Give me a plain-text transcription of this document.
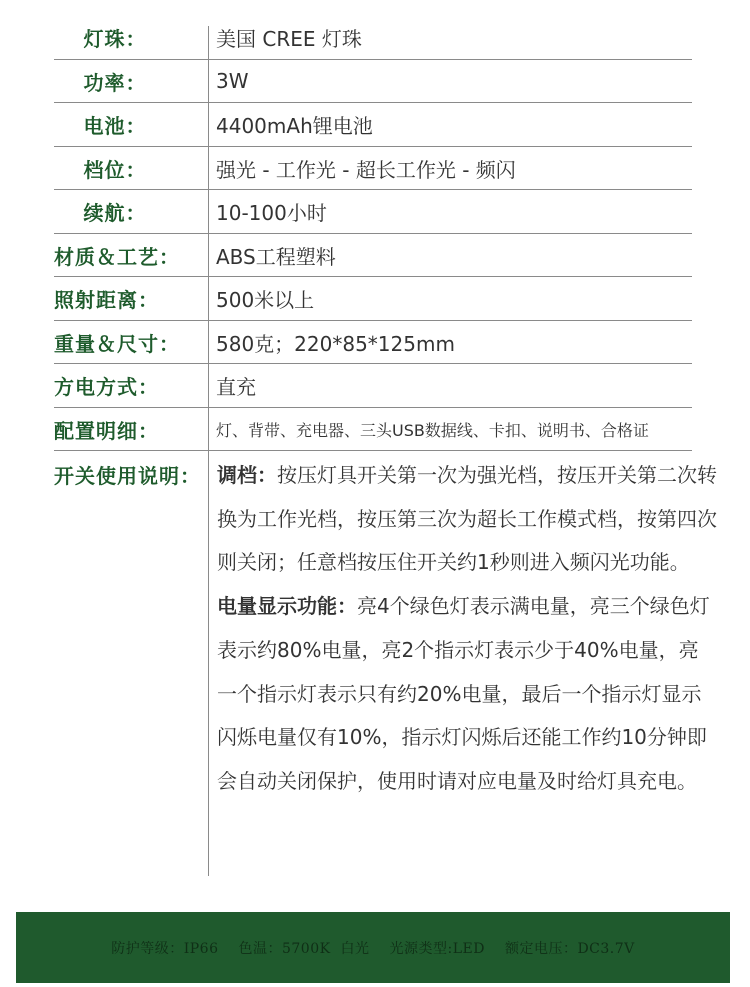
灯珠：	美国 CREE 灯珠
功率：	3W
电池：	4400mAh锂电池
档位：	强光 - 工作光 - 超长工作光 - 频闪
续航：	10-100小时
材质＆工艺：	ABS工程塑料
照射距离：	500米以上
重量＆尺寸：	580克；220*85*125mm
方电方式：	直充
配置明细：	灯、背带、充电器、三头USB数据线、卡扣、说明书、合格证
开关使用说明： 调档：按压灯具开关第一次为强光档，按压开关第二次转换为工作光档，按压第三次为超长工作模式档，按第四次则关闭；任意档按压住开关约1秒则进入频闪光功能。

电量显示功能：亮4个绿色灯表示满电量，亮三个绿色灯表示约80%电量，亮2个指示灯表示少于40%电量，亮一个指示灯表示只有约20%电量，最后一个指示灯显示闪烁电量仅有10%，指示灯闪烁后还能工作约10分钟即会自动关闭保护，使用时请对应电量及时给灯具充电。

防护等级：IP66 色温：5700K  白光 光源类型:LED 额定电压：DC3.7V
